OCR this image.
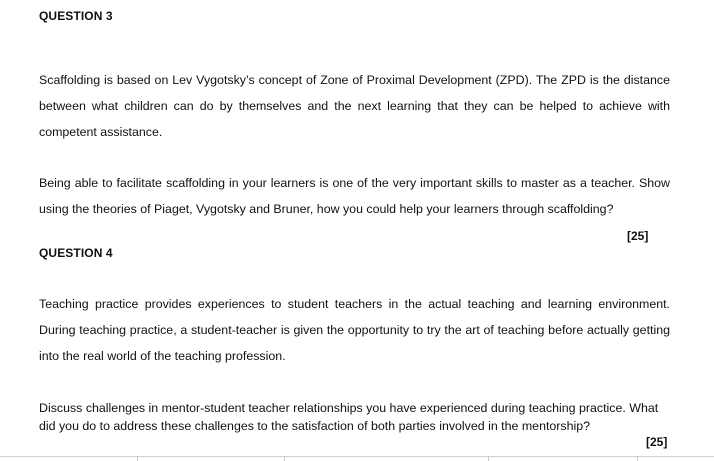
QUESTION 3
Scaffolding is based on Lev Vygotsky’s concept of Zone of Proximal Development (ZPD). The ZPD is the distance between what children can do by themselves and the next learning that they can be helped to achieve with competent assistance.
Being able to facilitate scaffolding in your learners is one of the very important skills to master as a teacher. Show using the theories of Piaget, Vygotsky and Bruner, how you could help your learners through scaffolding?
[25]
QUESTION 4
Teaching practice provides experiences to student teachers in the actual teaching and learning environment. During teaching practice, a student-teacher is given the opportunity to try the art of teaching before actually getting into the real world of the teaching profession.
Discuss challenges in mentor-student teacher relationships you have experienced during teaching practice. What did you do to address these challenges to the satisfaction of both parties involved in the mentorship?
[25]
